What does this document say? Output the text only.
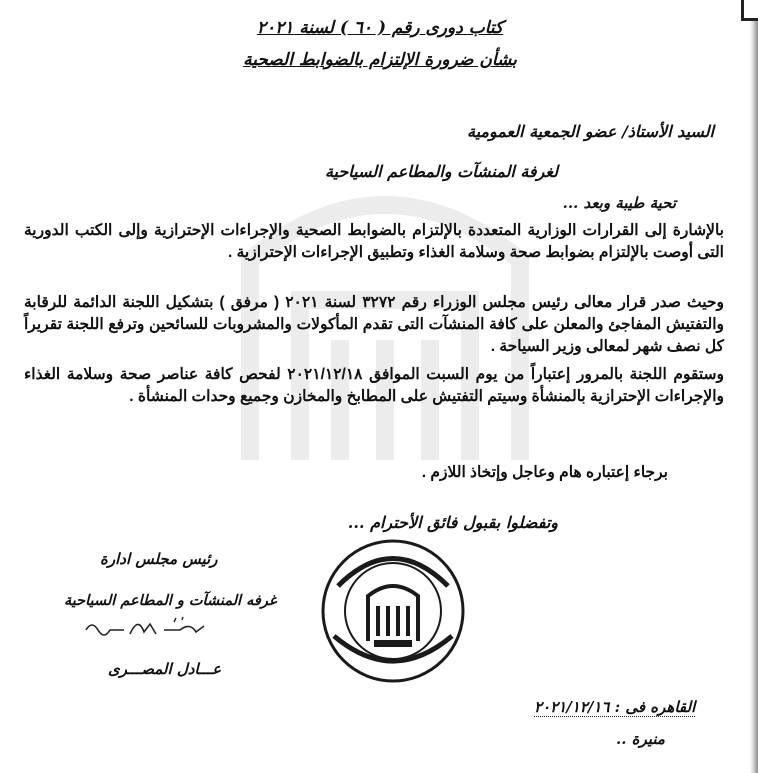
كتاب دورى رقم ( ٦٠ ) لسنة ٢٠٢١
بشأن ضرورة الإلتزام بالضوابط الصحية
السيد الأستاذ/ عضو الجمعية العمومية
لغرفة المنشآت والمطاعم السياحية
تحية طيبة وبعد ...
بالإشارة إلى القرارات الوزارية المتعددة بالإلتزام بالضوابط الصحية والإجراءات الإحترازية وإلى الكتب الدورية التى أوصت بالإلتزام بضوابط صحة وسلامة الغذاء وتطبيق الإجراءات الإحترازية .
وحيث صدر قرار معالى رئيس مجلس الوزراء رقم ٣٢٧٢ لسنة ٢٠٢١ ( مرفق ) بتشكيل اللجنة الدائمة للرقابة والتفتيش المفاجئ والمعلن على كافة المنشآت التى تقدم المأكولات والمشروبات للسائحين وترفع اللجنة تقريراً كل نصف شهر لمعالى وزير السياحة .
وستقوم اللجنة بالمرور إعتباراً من يوم السبت الموافق ٢٠٢١/١٢/١٨ لفحص كافة عناصر صحة وسلامة الغذاء والإجراءات الإحترازية بالمنشأة وسيتم التفتيش على المطابخ والمخازن وجميع وحدات المنشأة .
برجاء إعتباره هام وعاجل وإتخاذ اللازم .
وتفضلوا بقبول فائق الأحترام ...
رئيس مجلس ادارة
غرفه المنشآت و المطاعم السياحية
عـــادل المصـــرى
القاهره فى : ٢٠٢١/١٢/١٦
منيرة ..
